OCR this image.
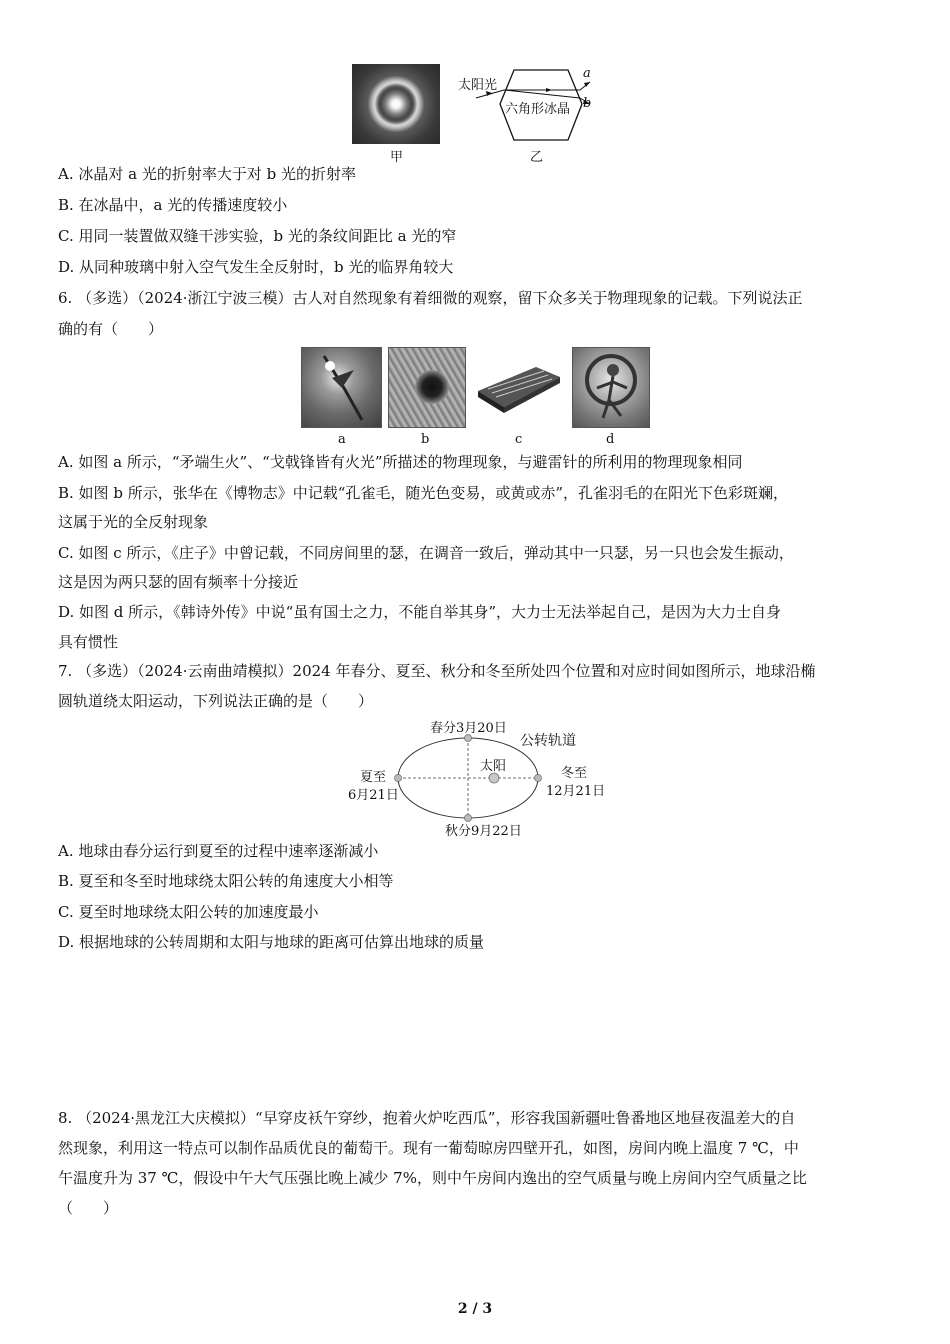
甲
太阳光
六角形冰晶
a
b
乙
A. 冰晶对 a 光的折射率大于对 b 光的折射率
B. 在冰晶中，a 光的传播速度较小
C. 用同一装置做双缝干涉实验，b 光的条纹间距比 a 光的窄
D. 从同种玻璃中射入空气发生全反射时，b 光的临界角较大
6. （多选）（2024·浙江宁波三模）古人对自然现象有着细微的观察，留下众多关于物理现象的记载。下列说法正
确的有（　　）
a	b	c	d
A. 如图 a 所示，“矛端生火”、“戈戟锋皆有火光”所描述的物理现象，与避雷针的所利用的物理现象相同
B. 如图 b 所示，张华在《博物志》中记载“孔雀毛，随光色变易，或黄或赤”，孔雀羽毛的在阳光下色彩斑斓，
这属于光的全反射现象
C. 如图 c 所示，《庄子》中曾记载，不同房间里的瑟，在调音一致后，弹动其中一只瑟，另一只也会发生振动，
这是因为两只瑟的固有频率十分接近
D. 如图 d 所示，《韩诗外传》中说“虽有国士之力，不能自举其身”，大力士无法举起自己，是因为大力士自身
具有惯性
7. （多选）（2024·云南曲靖模拟）2024 年春分、夏至、秋分和冬至所处四个位置和对应时间如图所示，地球沿椭
圆轨道绕太阳运动，下列说法正确的是（　　）
春分3月20日
公转轨道
夏至
6月21日
太阳	冬至
12月21日
秋分9月22日
A. 地球由春分运行到夏至的过程中速率逐渐减小
B. 夏至和冬至时地球绕太阳公转的角速度大小相等
C. 夏至时地球绕太阳公转的加速度最小
D. 根据地球的公转周期和太阳与地球的距离可估算出地球的质量
8. （2024·黑龙江大庆模拟）“早穿皮袄午穿纱，抱着火炉吃西瓜”，形容我国新疆吐鲁番地区地昼夜温差大的自
然现象，利用这一特点可以制作品质优良的葡萄干。现有一葡萄晾房四壁开孔，如图，房间内晚上温度 7 ℃，中
午温度升为 37 ℃，假设中午大气压强比晚上减少 7%，则中午房间内逸出的空气质量与晚上房间内空气质量之比
（　　）
2 / 3
